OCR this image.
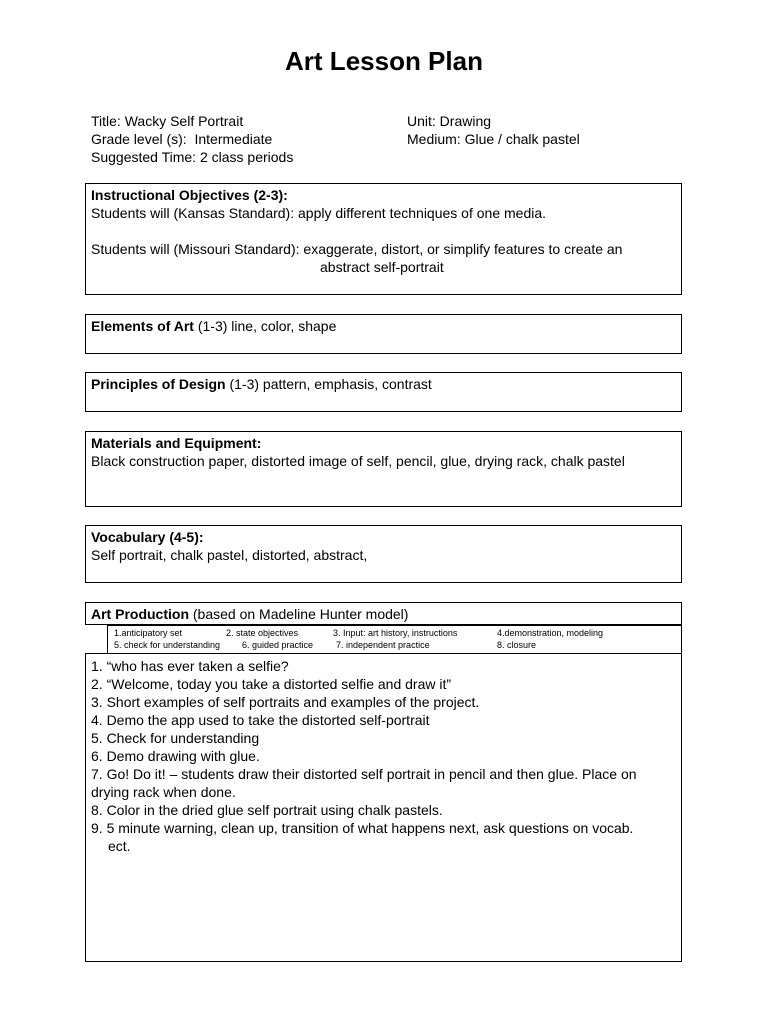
Art Lesson Plan
Title: Wacky Self Portrait
Grade level (s):  Intermediate
Suggested Time: 2 class periods
Unit: Drawing
Medium: Glue / chalk pastel
Instructional Objectives (2-3):
Students will (Kansas Standard): apply different techniques of one media.
Students will (Missouri Standard): exaggerate, distort, or simplify features to create an
abstract self-portrait
Elements of Art (1-3) line, color, shape
Principles of Design (1-3) pattern, emphasis, contrast
Materials and Equipment:
Black construction paper, distorted image of self, pencil, glue, drying rack, chalk pastel
Vocabulary (4-5):
Self portrait, chalk pastel, distorted, abstract,
Art Production (based on Madeline Hunter model)
1.anticipatory set	2. state objectives	3. Input: art history, instructions	4.demonstration, modeling
5. check for understanding 6. guided practice	7. independent practice	8. closure
1. “who has ever taken a selfie?
2. “Welcome, today you take a distorted selfie and draw it”
3. Short examples of self portraits and examples of the project.
4. Demo the app used to take the distorted self-portrait
5. Check for understanding
6. Demo drawing with glue.
7. Go! Do it! – students draw their distorted self portrait in pencil and then glue. Place on
drying rack when done.
8. Color in the dried glue self portrait using chalk pastels.
9. 5 minute warning, clean up, transition of what happens next, ask questions on vocab.
ect.
